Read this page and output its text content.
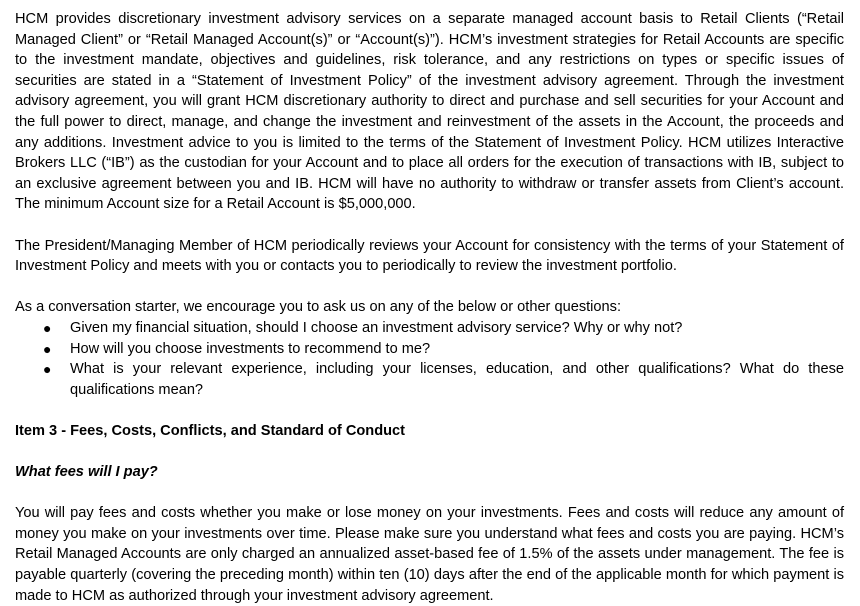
HCM provides discretionary investment advisory services on a separate managed account basis to Retail Clients (“Retail Managed Client” or “Retail Managed Account(s)” or “Account(s)”). HCM’s investment strategies for Retail Accounts are specific to the investment mandate, objectives and guidelines, risk tolerance, and any restrictions on types or specific issues of securities are stated in a “Statement of Investment Policy” of the investment advisory agreement. Through the investment advisory agreement, you will grant HCM discretionary authority to direct and purchase and sell securities for your Account and the full power to direct, manage, and change the investment and reinvestment of the assets in the Account, the proceeds and any additions. Investment advice to you is limited to the terms of the Statement of Investment Policy. HCM utilizes Interactive Brokers LLC (“IB”) as the custodian for your Account and to place all orders for the execution of transactions with IB, subject to an exclusive agreement between you and IB. HCM will have no authority to withdraw or transfer assets from Client’s account. The minimum Account size for a Retail Account is $5,000,000.

The President/Managing Member of HCM periodically reviews your Account for consistency with the terms of your Statement of Investment Policy and meets with you or contacts you to periodically to review the investment portfolio.

As a conversation starter, we encourage you to ask us on any of the below or other questions:

● Given my financial situation, should I choose an investment advisory service? Why or why not?
● How will you choose investments to recommend to me?
● What is your relevant experience, including your licenses, education, and other qualifications? What do these qualifications mean?

Item 3 - Fees, Costs, Conflicts, and Standard of Conduct

What fees will I pay?

You will pay fees and costs whether you make or lose money on your investments. Fees and costs will reduce any amount of money you make on your investments over time. Please make sure you understand what fees and costs you are paying. HCM’s Retail Managed Accounts are only charged an annualized asset-based fee of 1.5% of the assets under management. The fee is payable quarterly (covering the preceding month) within ten (10) days after the end of the applicable month for which payment is made to HCM as authorized through your investment advisory agreement.
